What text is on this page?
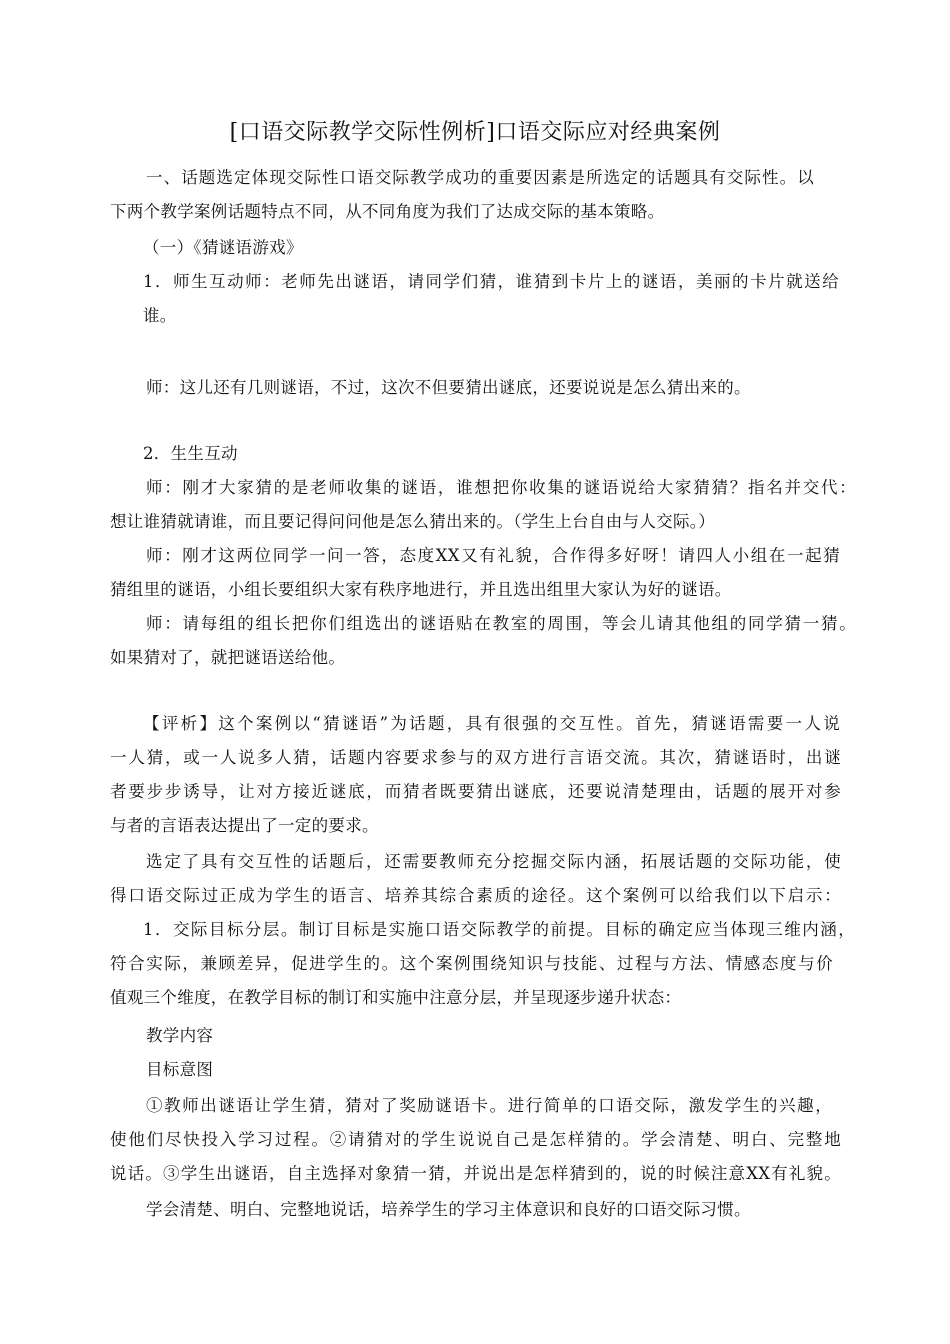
[口语交际教学交际性例析]口语交际应对经典案例
一、话题选定体现交际性口语交际教学成功的重要因素是所选定的话题具有交际性。以
下两个教学案例话题特点不同，从不同角度为我们了达成交际的基本策略。
（一）《猜谜语游戏》
1．师生互动师：老师先出谜语，请同学们猜，谁猜到卡片上的谜语，美丽的卡片就送给
谁。
师：这儿还有几则谜语，不过，这次不但要猜出谜底，还要说说是怎么猜出来的。
2．生生互动
师：刚才大家猜的是老师收集的谜语，谁想把你收集的谜语说给大家猜猜？指名并交代：
想让谁猜就请谁，而且要记得问问他是怎么猜出来的。（学生上台自由与人交际。）
师：刚才这两位同学一问一答，态度XX又有礼貌，合作得多好呀！请四人小组在一起猜
猜组里的谜语，小组长要组织大家有秩序地进行，并且选出组里大家认为好的谜语。
师：请每组的组长把你们组选出的谜语贴在教室的周围，等会儿请其他组的同学猜一猜。
如果猜对了，就把谜语送给他。
【评析】这个案例以“猜谜语”为话题，具有很强的交互性。首先，猜谜语需要一人说
一人猜，或一人说多人猜，话题内容要求参与的双方进行言语交流。其次，猜谜语时，出谜
者要步步诱导，让对方接近谜底，而猜者既要猜出谜底，还要说清楚理由，话题的展开对参
与者的言语表达提出了一定的要求。
选定了具有交互性的话题后，还需要教师充分挖掘交际内涵，拓展话题的交际功能，使
得口语交际过正成为学生的语言、培养其综合素质的途径。这个案例可以给我们以下启示：
1．交际目标分层。制订目标是实施口语交际教学的前提。目标的确定应当体现三维内涵，
符合实际，兼顾差异，促进学生的。这个案例围绕知识与技能、过程与方法、情感态度与价
值观三个维度，在教学目标的制订和实施中注意分层，并呈现逐步递升状态：
教学内容
目标意图
①教师出谜语让学生猜，猜对了奖励谜语卡。进行简单的口语交际，激发学生的兴趣，
使他们尽快投入学习过程。②请猜对的学生说说自己是怎样猜的。学会清楚、明白、完整地
说话。③学生出谜语，自主选择对象猜一猜，并说出是怎样猜到的，说的时候注意XX有礼貌。
学会清楚、明白、完整地说话，培养学生的学习主体意识和良好的口语交际习惯。
